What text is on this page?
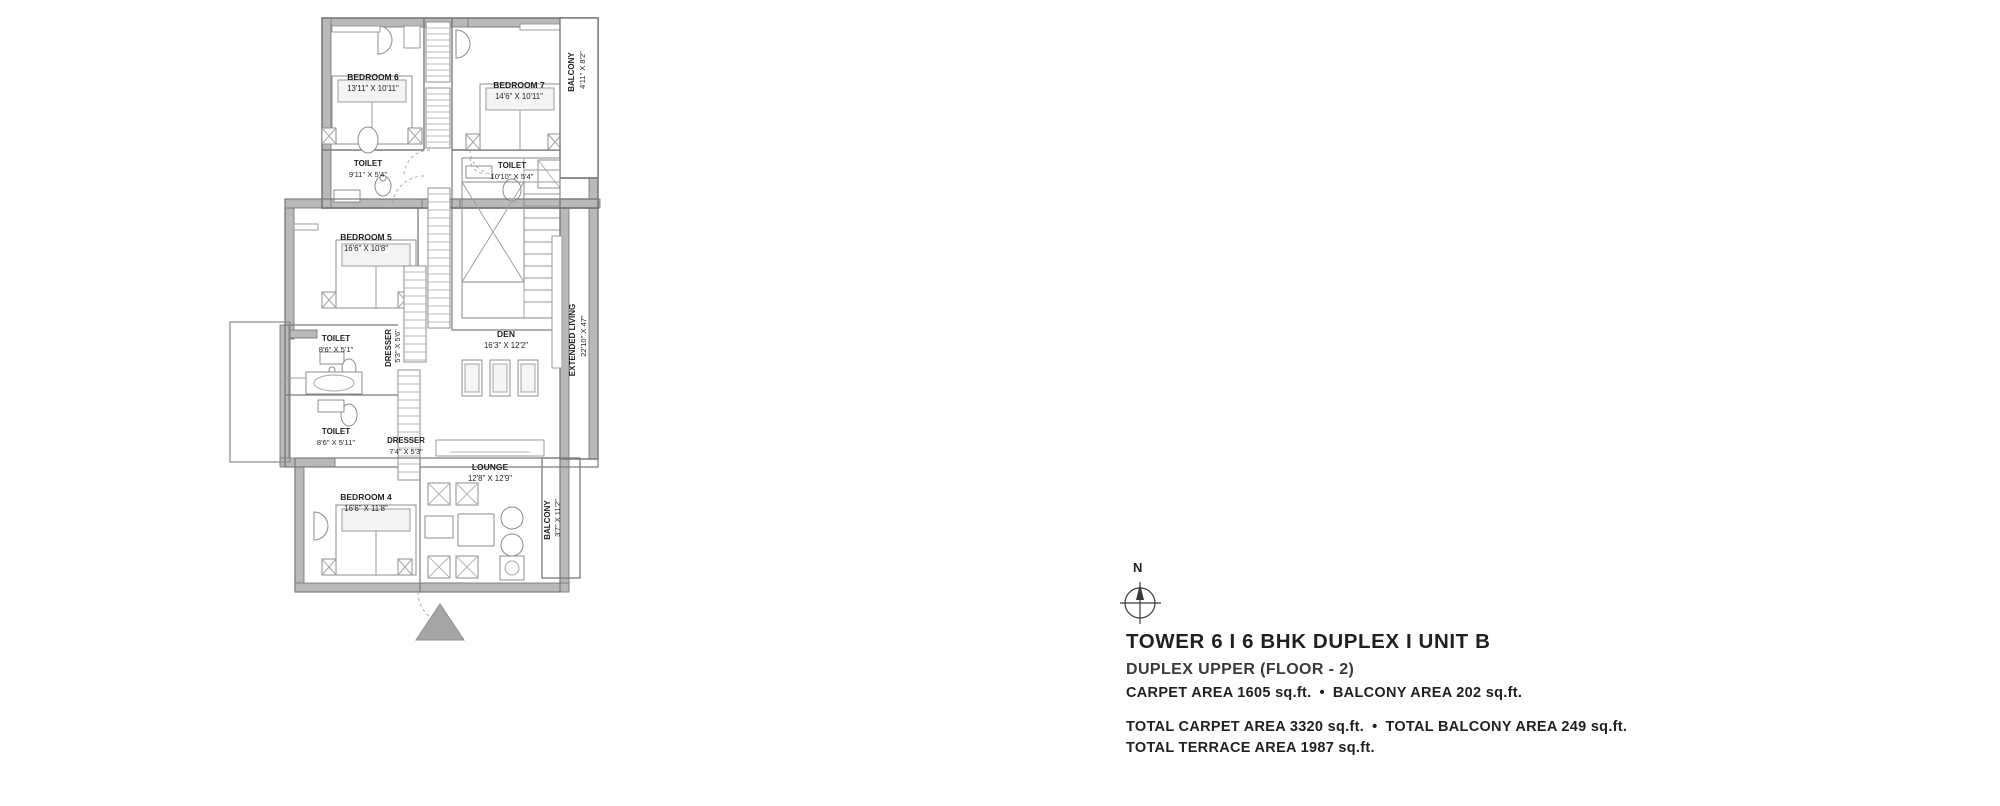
BEDROOM 6
13'11" X 10'11"	BEDROOM 7
14'6" X 10'11"
BALCONY 4'11" X 8'2"
TOILET
9'11" X 5'4"
TOILET
10'10" X 5'4"
BEDROOM 5
16'6" X 10'8"
TOILET
8'6" X 5'1"	DRESSER 5'3" X 5'6"
TOILET
8'6" X 5'11"	DRESSER
7'4" X 5'3"
BEDROOM 4
16'6" X 11'8"
DEN
16'3" X 12'2"
LOUNGE
12'8" X 12'9"
EXTENDED LIVING 22'10" X 47"
BALCONY 3'7" X 11'2"
N

TOWER 6 I 6 BHK DUPLEX I UNIT B

DUPLEX UPPER (FLOOR - 2)

CARPET AREA 1605 sq.ft. • BALCONY AREA 202 sq.ft.

TOTAL CARPET AREA 3320 sq.ft. • TOTAL BALCONY AREA 249 sq.ft.

TOTAL TERRACE AREA 1987 sq.ft.
